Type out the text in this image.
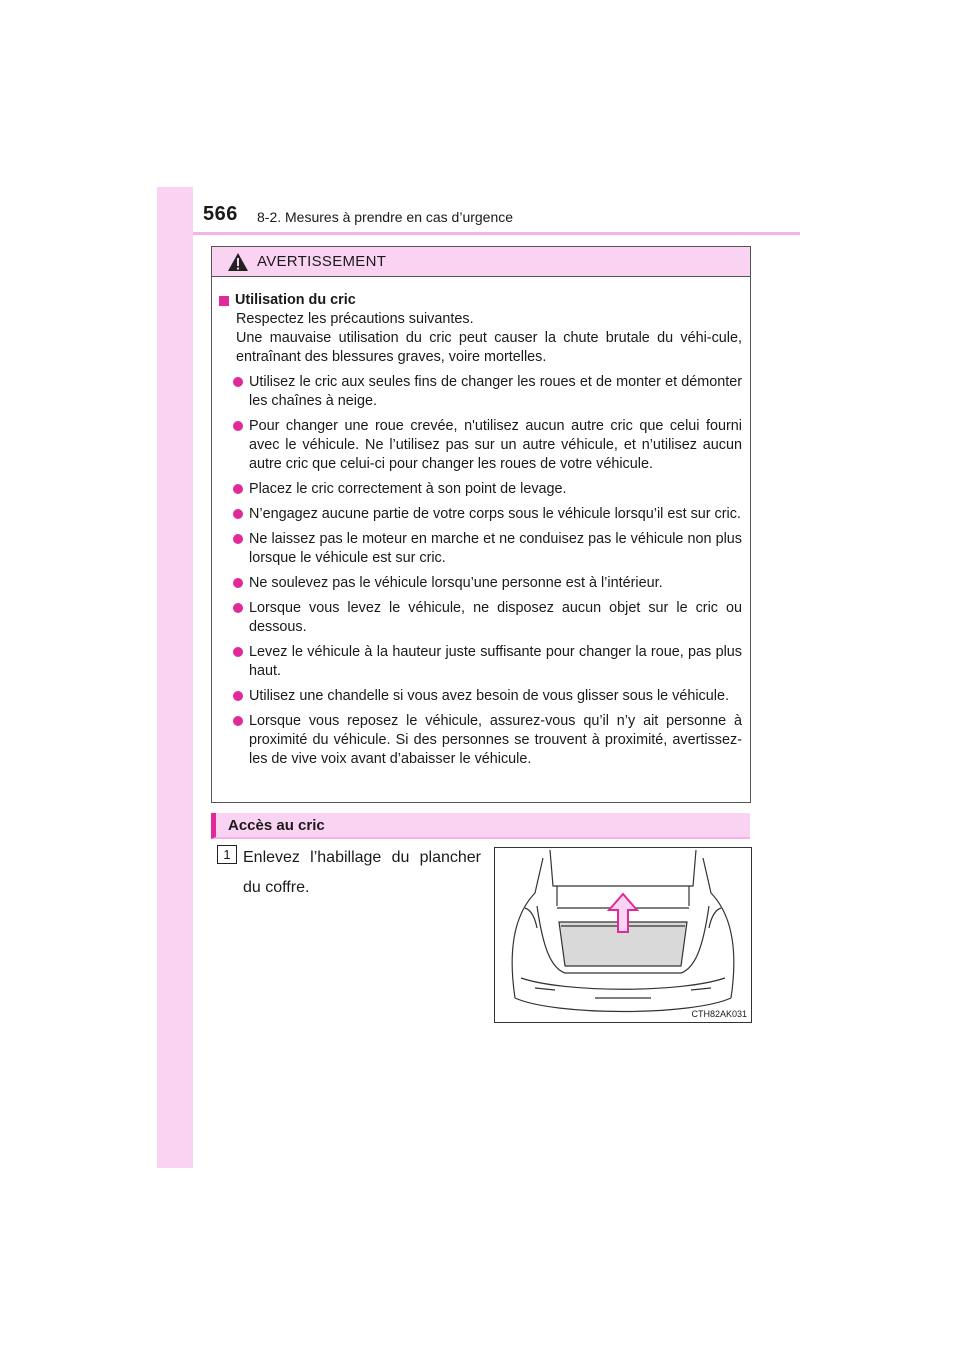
566 8-2. Mesures à prendre en cas d’urgence
AVERTISSEMENT
Utilisation du cric
Respectez les précautions suivantes.
Une mauvaise utilisation du cric peut causer la chute brutale du véhi-cule, entraînant des blessures graves, voire mortelles.
Utilisez le cric aux seules fins de changer les roues et de monter et démonter les chaînes à neige.
Pour changer une roue crevée, n'utilisez aucun autre cric que celui fourni avec le véhicule. Ne l’utilisez pas sur un autre véhicule, et n’utilisez aucun autre cric que celui-ci pour changer les roues de votre véhicule.
Placez le cric correctement à son point de levage.
N’engagez aucune partie de votre corps sous le véhicule lorsqu’il est sur cric.
Ne laissez pas le moteur en marche et ne conduisez pas le véhicule non plus lorsque le véhicule est sur cric.
Ne soulevez pas le véhicule lorsqu’une personne est à l’intérieur.
Lorsque vous levez le véhicule, ne disposez aucun objet sur le cric ou dessous.
Levez le véhicule à la hauteur juste suffisante pour changer la roue, pas plus haut.
Utilisez une chandelle si vous avez besoin de vous glisser sous le véhicule.
Lorsque vous reposez le véhicule, assurez-vous qu’il n’y ait personne à proximité du véhicule. Si des personnes se trouvent à proximité, avertissez-les de vive voix avant d’abaisser le véhicule.
Accès au cric
1 Enlevez l’habillage du plancher du coffre.
CTH82AK031
